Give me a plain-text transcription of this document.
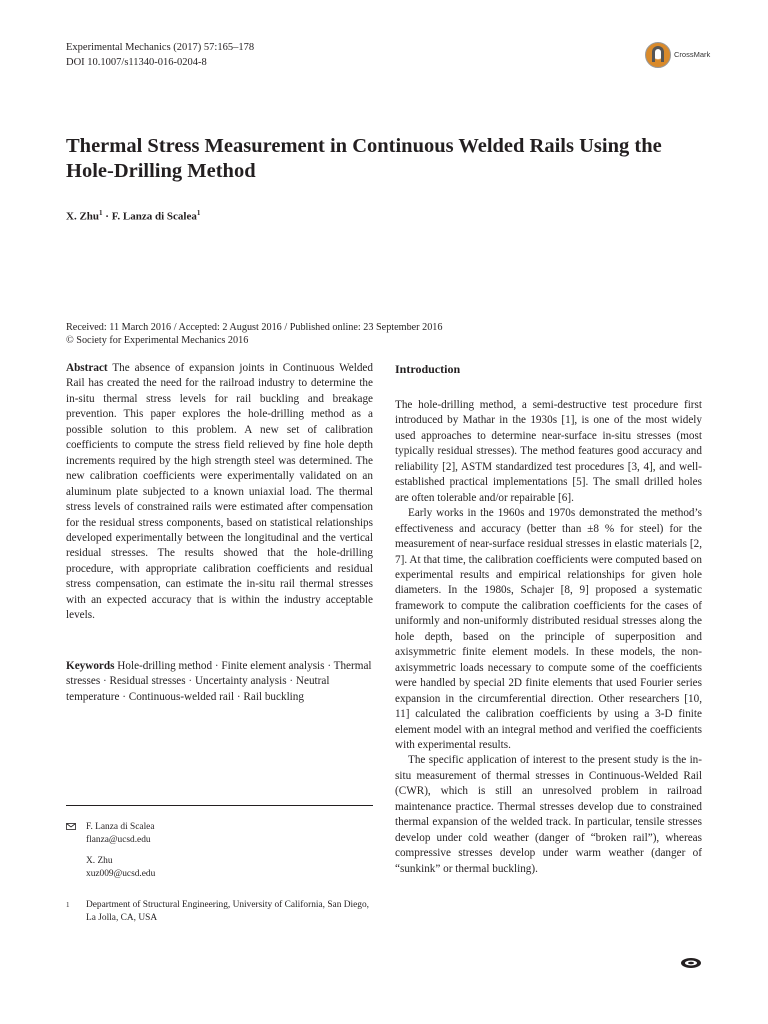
Experimental Mechanics (2017) 57:165–178
DOI 10.1007/s11340-016-0204-8
CrossMark
Thermal Stress Measurement in Continuous Welded Rails Using the Hole-Drilling Method
X. Zhu$^1$ · F. Lanza di Scalea$^1$
Received: 11 March 2016 / Accepted: 2 August 2016 / Published online: 23 September 2016
© Society for Experimental Mechanics 2016

Abstract The absence of expansion joints in Continuous Welded Rail has created the need for the railroad industry to determine the in-situ thermal stress levels for rail buckling and breakage prevention. This paper explores the hole-drilling method as a possible solution to this problem. A new set of calibration coefficients to compute the stress field relieved by fine hole depth increments required by the high strength steel was determined. The new calibration coefficients were experimentally validated on an aluminum plate subjected to a known uniaxial load. The thermal stress levels of constrained rails were estimated after compensation for the residual stress components, based on statistical relationships developed experimentally between the longitudinal and the vertical residual stresses. The results showed that the hole-drilling procedure, with appropriate calibration coefficients and residual stress compensation, can estimate the in-situ rail thermal stresses with an expected accuracy that is within the industry acceptable levels.

Keywords Hole-drilling method · Finite element analysis · Thermal stresses · Residual stresses · Uncertainty analysis · Neutral temperature · Continuous-welded rail · Rail buckling

F. Lanza di Scalea
flanza@ucsd.edu
X. Zhu
xuz009@ucsd.edu
1 Department of Structural Engineering, University of California, San Diego, La Jolla, CA, USA
Introduction

The hole-drilling method, a semi-destructive test procedure first introduced by Mathar in the 1930s [1], is one of the most widely used approaches to determine near-surface in-situ stresses (most typically residual stresses). The method features good accuracy and reliability [2], ASTM standardized test procedures [3, 4], and well-established practical implementations [5]. The small drilled holes are often tolerable and/or repairable [6].

Early works in the 1960s and 1970s demonstrated the method’s effectiveness and accuracy (better than ±8 % for steel) for the measurement of near-surface residual stresses in elastic materials [2, 7]. At that time, the calibration coefficients were computed based on experimental results and empirical relationships for given hole diameters. In the 1980s, Schajer [8, 9] proposed a systematic framework to compute the calibration coefficients for the cases of uniformly and non-uniformly distributed residual stresses along the hole depth, based on the principle of superposition and axisymmetric finite element models. In these models, the non-axisymmetric loads necessary to compute some of the coefficients were handled by special 2D finite elements that used Fourier series expansion in the circumferential direction. Other researchers [10, 11] calculated the calibration coefficients by using a 3-D finite element model with an integral method and verified the coefficients with experimental results.

The specific application of interest to the present study is the in-situ measurement of thermal stresses in Continuous-Welded Rail (CWR), which is still an unresolved problem in railroad maintenance practice. Thermal stresses develop due to constrained thermal expansion of the welded track. In particular, tensile stresses develop under cold weather (danger of “broken rail”), whereas compressive stresses develop under warm weather (danger of “sunkink” or thermal buckling).
